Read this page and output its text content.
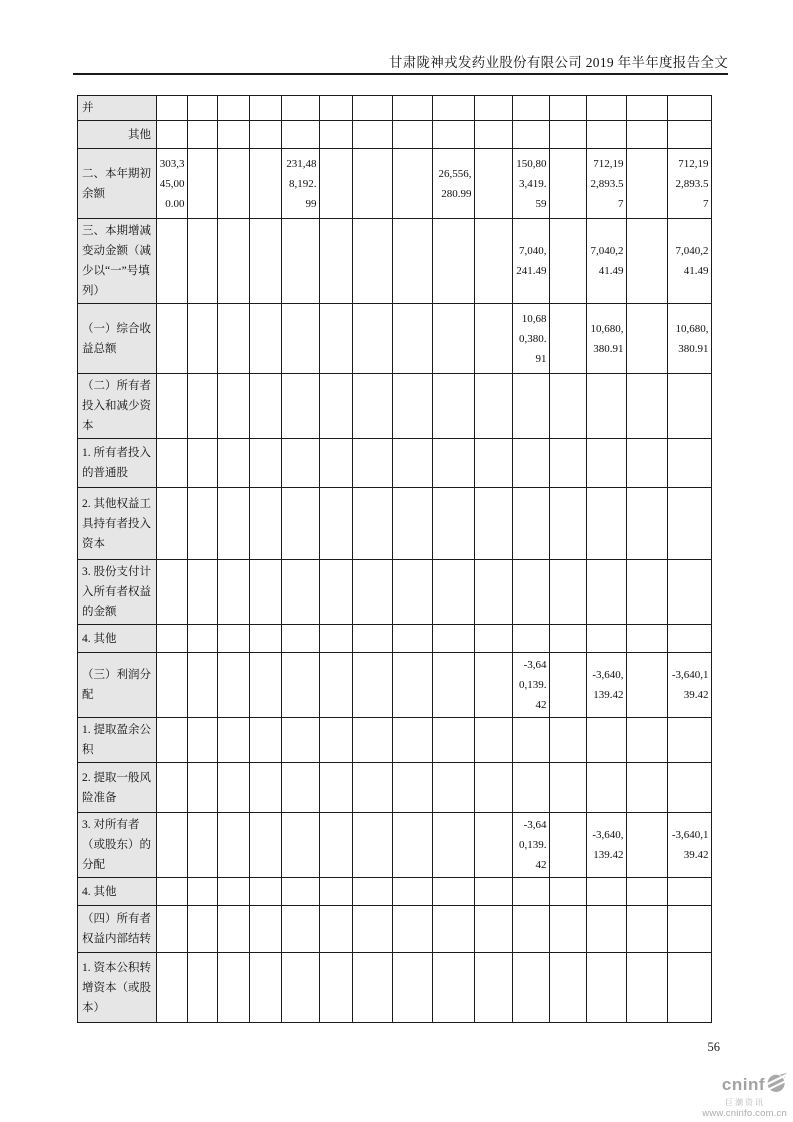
甘肃陇神戎发药业股份有限公司 2019 年半年度报告全文
并
其他
二、本年期初余额
303,345,000.00
231,488,192.99
26,556,280.99
150,803,419.59
712,192,893.57
712,192,893.57
三、本期增减变动金额（减少以“一”号填列）
7,040,241.49
7,040,241.49
7,040,241.49
（一）综合收益总额
10,680,380.91
10,680,380.91
10,680,380.91
（二）所有者投入和减少资本
1. 所有者投入的普通股
2. 其他权益工具持有者投入资本
3. 股份支付计入所有者权益的金额
4. 其他
（三）利润分配
-3,640,139.42
-3,640,139.42
-3,640,139.42
1. 提取盈余公积
2. 提取一般风险准备
3. 对所有者（或股东）的分配
-3,640,139.42
-3,640,139.42
-3,640,139.42
4. 其他
（四）所有者权益内部结转
1. 资本公积转增资本（或股本）
56
cninf
巨潮资讯
www.cninfo.com.cn
